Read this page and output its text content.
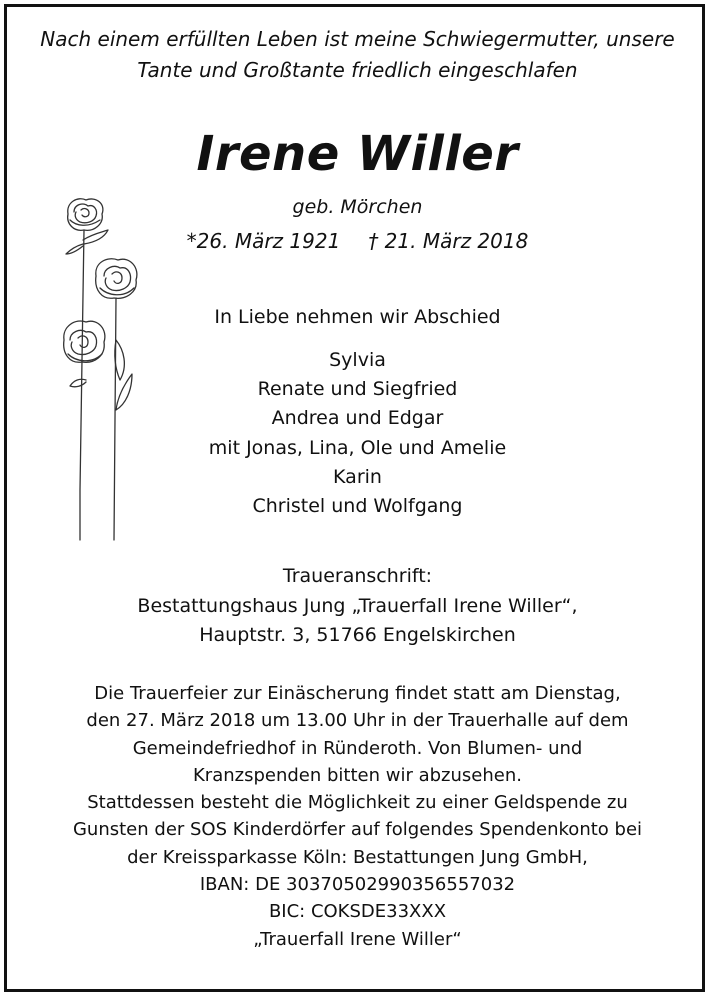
Nach einem erfüllten Leben ist meine Schwiegermutter, unsere
Tante und Großtante friedlich eingeschlafen
Irene Willer
geb. Mörchen
*26. März 1921 † 21. März 2018
In Liebe nehmen wir Abschied
Sylvia
Renate und Siegfried
Andrea und Edgar
mit Jonas, Lina, Ole und Amelie
Karin
Christel und Wolfgang
Traueranschrift:
Bestattungshaus Jung „Trauerfall Irene Willer“,
Hauptstr. 3, 51766 Engelskirchen
Die Trauerfeier zur Einäscherung findet statt am Dienstag,
den 27. März 2018 um 13.00 Uhr in der Trauerhalle auf dem
Gemeindefriedhof in Ründeroth. Von Blumen- und
Kranzspenden bitten wir abzusehen.
Stattdessen besteht die Möglichkeit zu einer Geldspende zu
Gunsten der SOS Kinderdörfer auf folgendes Spendenkonto bei
der Kreissparkasse Köln: Bestattungen Jung GmbH,
IBAN: DE 30370502990356557032
BIC: COKSDE33XXX
„Trauerfall Irene Willer“
